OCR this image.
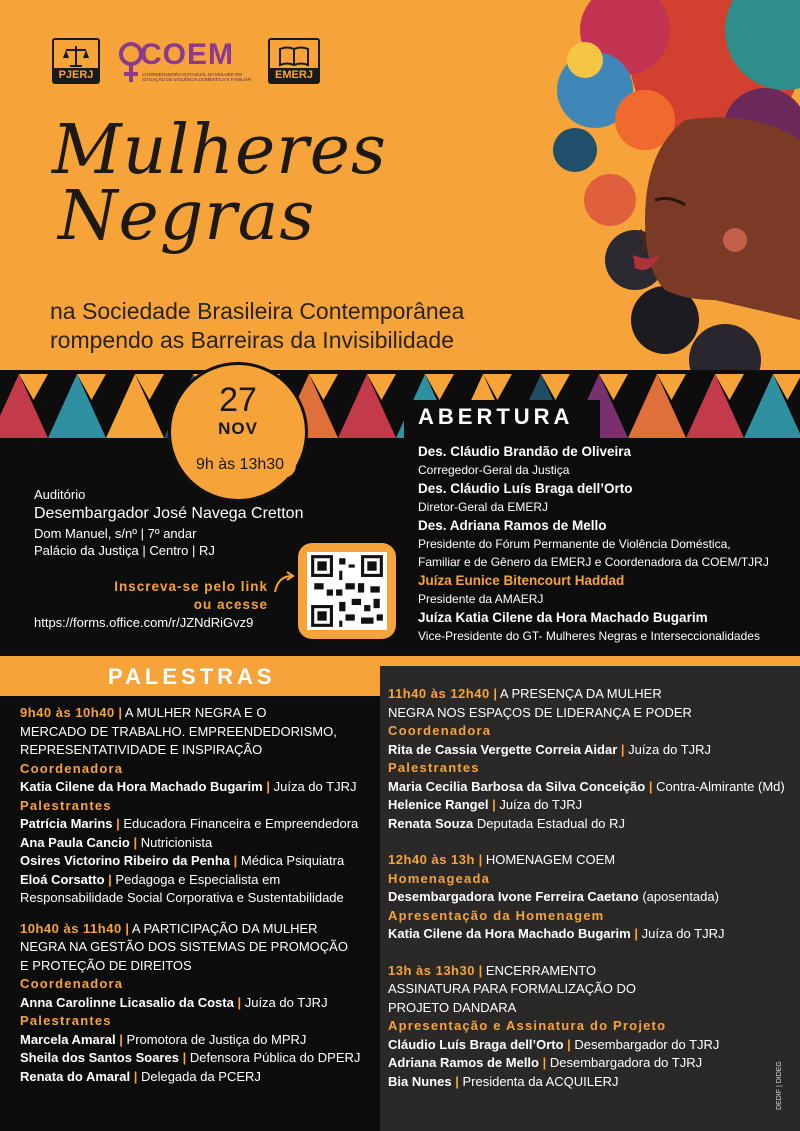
PJERJ
COEM
COORDENADORIA ESTADUAL DA MULHER EM SITUAÇÃO DE VIOLÊNCIA DOMÉSTICA E FAMILIAR	EMERJ
Mulheres
Negras
na Sociedade Brasileira Contemporânea
rompendo as Barreiras da Invisibilidade
ABERTURA
27
NOV
9h às 13h30
Auditório
Desembargador José Navega Cretton
Dom Manuel, s/nº | 7º andar
Palácio da Justiça | Centro | RJ
Inscreva-se pelo link
ou acesse
https://forms.office.com/r/JZNdRiGvz9
Des. Cláudio Brandão de Oliveira
Corregedor-Geral da Justiça
Des. Cláudio Luís Braga dell’Orto
Diretor-Geral da EMERJ
Des. Adriana Ramos de Mello
Presidente do Fórum Permanente de Violência Doméstica,
Familiar e de Gênero da EMERJ e Coordenadora da COEM/TJRJ
Juíza Eunice Bitencourt Haddad
Presidente da AMAERJ
Juíza Katia Cilene da Hora Machado Bugarim
Vice-Presidente do GT- Mulheres Negras e Interseccionalidades
PALESTRAS
9h40 às 10h40 | A MULHER NEGRA E O
MERCADO DE TRABALHO. EMPREENDEDORISMO,
REPRESENTATIVIDADE E INSPIRAÇÃO
Coordenadora
Katia Cilene da Hora Machado Bugarim | Juíza do TJRJ
Palestrantes
Patrícia Marins | Educadora Financeira e Empreendedora
Ana Paula Cancio | Nutricionista
Osires Victorino Ribeiro da Penha | Médica Psiquiatra
Eloá Corsatto | Pedagoga e Especialista em
Responsabilidade Social Corporativa e Sustentabilidade
10h40 às 11h40 | A PARTICIPAÇÃO DA MULHER
NEGRA NA GESTÃO DOS SISTEMAS DE PROMOÇÃO
E PROTEÇÃO DE DIREITOS
Coordenadora
Anna Carolinne Licasalio da Costa | Juíza do TJRJ
Palestrantes
Marcela Amaral | Promotora de Justiça do MPRJ
Sheila dos Santos Soares | Defensora Pública do DPERJ
Renata do Amaral | Delegada da PCERJ
11h40 às 12h40 | A PRESENÇA DA MULHER
NEGRA NOS ESPAÇOS DE LIDERANÇA E PODER
Coordenadora
Rita de Cassia Vergette Correia Aidar | Juíza do TJRJ
Palestrantes
Maria Cecilia Barbosa da Silva Conceição | Contra-Almirante (Md)
Helenice Rangel | Juíza do TJRJ
Renata Souza Deputada Estadual do RJ
12h40 às 13h | HOMENAGEM COEM
Homenageada
Desembargadora Ivone Ferreira Caetano (aposentada)
Apresentação da Homenagem
Katia Cilene da Hora Machado Bugarim | Juíza do TJRJ
13h às 13h30 | ENCERRAMENTO
ASSINATURA PARA FORMALIZAÇÃO DO
PROJETO DANDARA
Apresentação e Assinatura do Projeto
Cláudio Luís Braga dell’Orto | Desembargador do TJRJ
Adriana Ramos de Mello | Desembargadora do TJRJ
Bia Nunes | Presidenta da ACQUILERJ	DEDIF | DIDEG
